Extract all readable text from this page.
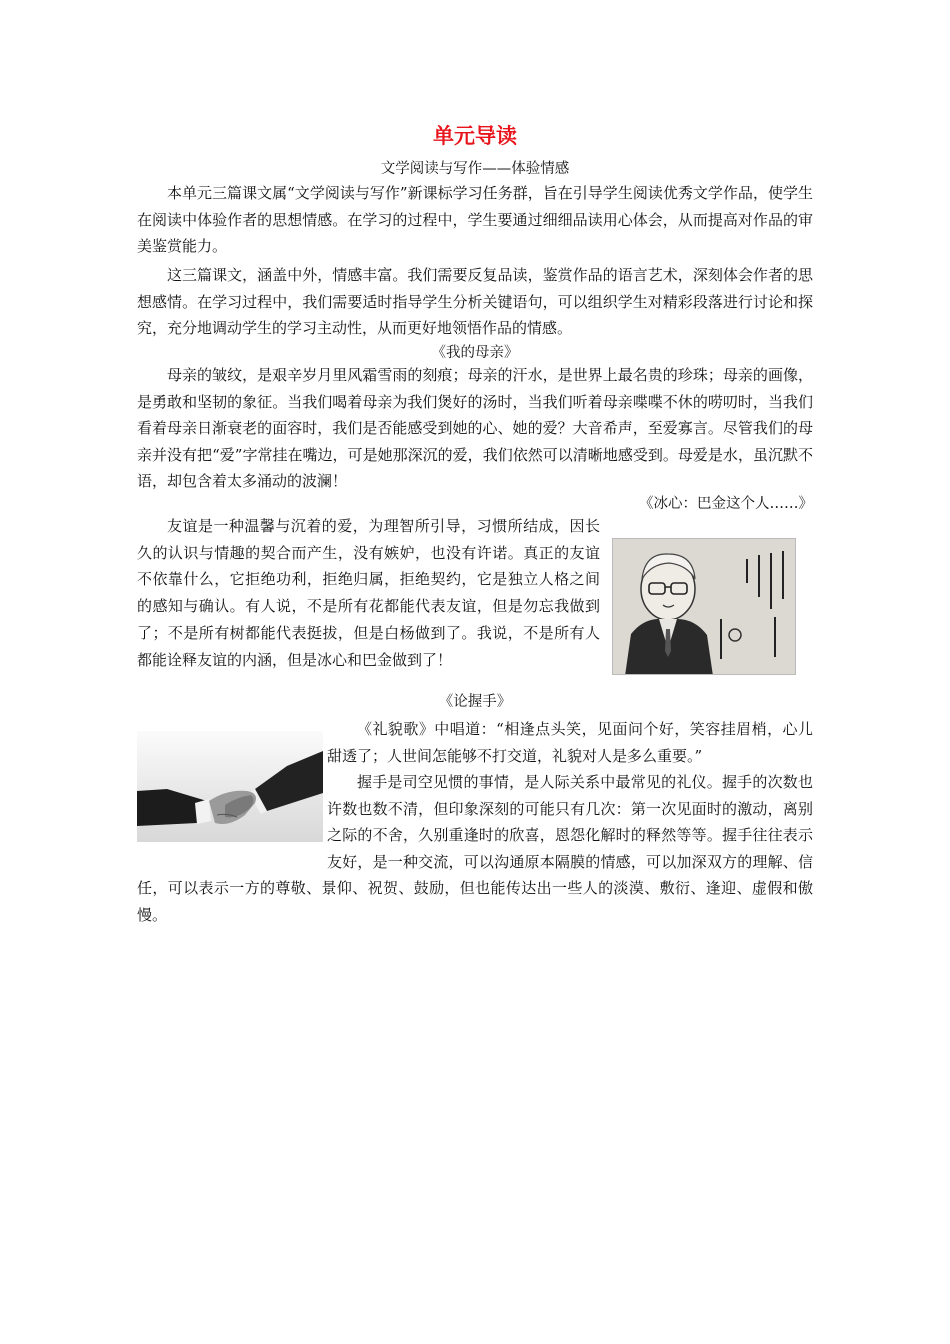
单元导读

文学阅读与写作——体验情感

本单元三篇课文属“文学阅读与写作”新课标学习任务群，旨在引导学生阅读优秀文学作品，使学生在阅读中体验作者的思想情感。在学习的过程中，学生要通过细细品读用心体会，从而提高对作品的审美鉴赏能力。

这三篇课文，涵盖中外，情感丰富。我们需要反复品读，鉴赏作品的语言艺术，深刻体会作者的思想感情。在学习过程中，我们需要适时指导学生分析关键语句，可以组织学生对精彩段落进行讨论和探究，充分地调动学生的学习主动性，从而更好地领悟作品的情感。

《我的母亲》

母亲的皱纹，是艰辛岁月里风霜雪雨的刻痕；母亲的汗水，是世界上最名贵的珍珠；母亲的画像，是勇敢和坚韧的象征。当我们喝着母亲为我们煲好的汤时，当我们听着母亲喋喋不休的唠叨时，当我们看着母亲日渐衰老的面容时，我们是否能感受到她的心、她的爱？大音希声，至爱寡言。尽管我们的母亲并没有把“爱”字常挂在嘴边，可是她那深沉的爱，我们依然可以清晰地感受到。母爱是水，虽沉默不语，却包含着太多涌动的波澜！

《冰心：巴金这个人……》

友谊是一种温馨与沉着的爱，为理智所引导，习惯所结成，因长久的认识与情趣的契合而产生，没有嫉妒，也没有许诺。真正的友谊不依靠什么，它拒绝功利，拒绝归属，拒绝契约，它是独立人格之间的感知与确认。有人说，不是所有花都能代表友谊，但是勿忘我做到了；不是所有树都能代表挺拔，但是白杨做到了。我说，不是所有人都能诠释友谊的内涵，但是冰心和巴金做到了！

《论握手》

《礼貌歌》中唱道：“相逢点头笑，见面问个好，笑容挂眉梢，心儿甜透了；人世间怎能够不打交道，礼貌对人是多么重要。”

握手是司空见惯的事情，是人际关系中最常见的礼仪。握手的次数也许数也数不清，但印象深刻的可能只有几次：第一次见面时的激动，离别之际的不舍，久别重逢时的欣喜，恩怨化解时的释然等等。握手往往表示友好，是一种交流，可以沟通原本隔膜的情感，可以加深双方的理解、信任，可以表示一方的尊敬、景仰、祝贺、鼓励，但也能传达出一些人的淡漠、敷衍、逢迎、虚假和傲慢。
